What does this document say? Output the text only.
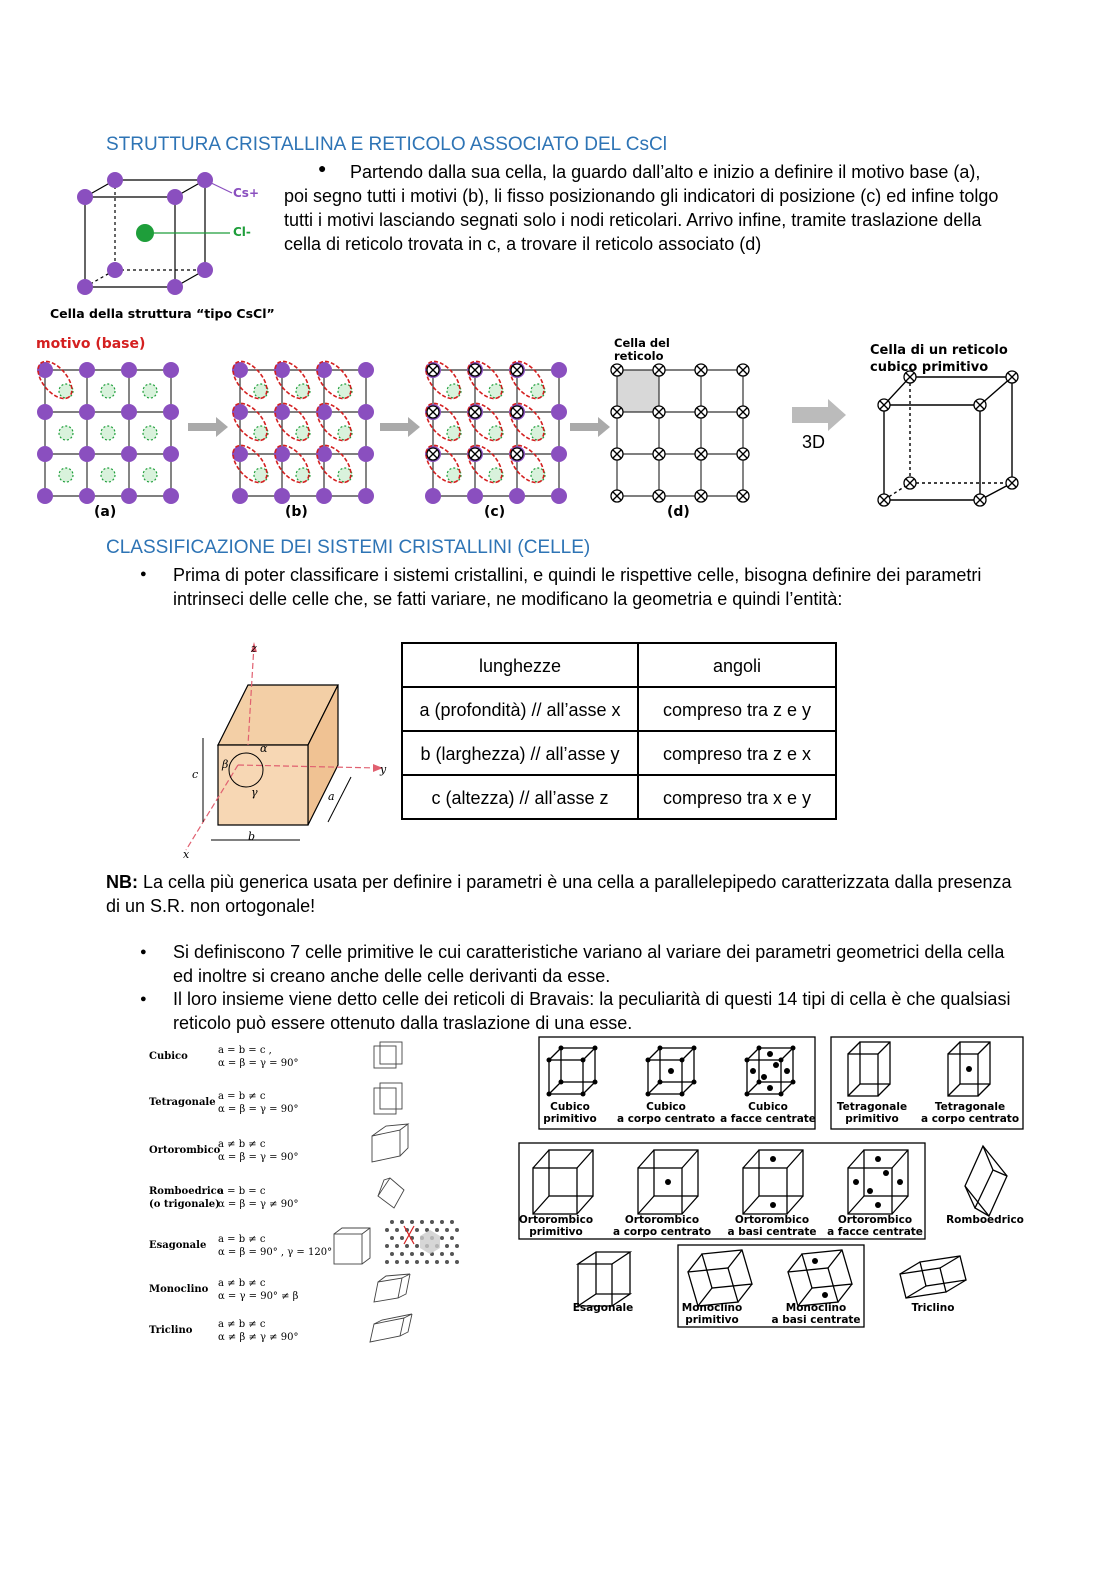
STRUTTURA CRISTALLINA E RETICOLO ASSOCIATO DEL CsCl
Cs+
Cl-
Cella della struttura “tipo CsCl”
●	Partendo dalla sua cella, la guardo dall’alto e inizio a definire il motivo base (a), poi segno tutti i motivi (b), li fisso posizionando gli indicatori di posizione (c) ed infine tolgo tutti i motivi lasciando segnati solo i nodi reticolari. Arrivo infine, tramite traslazione della cella di reticolo trovata in c, a trovare il reticolo associato (d)
motivo (base)
(a)	(b)	(c)	(d)
Cella del reticolo
3D
Cella di un reticolo cubico primitivo
CLASSIFICAZIONE DEI SISTEMI CRISTALLINI (CELLE)
● Prima di poter classificare i sistemi cristallini, e quindi le rispettive celle, bisogna definire dei parametri intrinseci delle celle che, se fatti variare, ne modificano la geometria e quindi l’entità:
z
y
x
c
b
a
α
β
γ
lunghezze	angoli
a (profondità) // all’asse x	compreso tra z e y
b (larghezza) // all’asse y	compreso tra z e x
c (altezza) // all’asse z	compreso tra x e y
NB: La cella più generica usata per definire i parametri è una cella a parallelepipedo caratterizzata dalla presenza di un S.R. non ortogonale!
● Si definiscono 7 celle primitive le cui caratteristiche variano al variare dei parametri geometrici della cella ed inoltre si creano anche delle celle derivanti da esse.
● Il loro insieme viene detto celle dei reticoli di Bravais: la peculiarità di questi 14 tipi di cella è che qualsiasi reticolo può essere ottenuto dalla traslazione di una esse.
Cubico
a = b = c ,
α = β = γ = 90°
Tetragonale
a = b ≠ c
α = β = γ = 90°
Ortorombico
a ≠ b ≠ c
α = β = γ = 90°
Romboedrico
(o trigonale)
a = b = c
α = β = γ ≠ 90°
Esagonale
a = b ≠ c
α = β = 90° , γ = 120°
Monoclino
a ≠ b ≠ c
α = γ = 90° ≠ β
Triclino
a ≠ b ≠ c
α ≠ β ≠ γ ≠ 90°
Cubico
primitivo
Cubico
a corpo centrato
Cubico
a facce centrate
Tetragonale
primitivo
Tetragonale
a corpo centrato
Ortorombico
primitivo
Ortorombico
a corpo centrato
Ortorombico
a basi centrate
Ortorombico
a facce centrate
Romboedrico
Esagonale	Monoclino
primitivo
Monoclino
a basi centrate
Triclino
